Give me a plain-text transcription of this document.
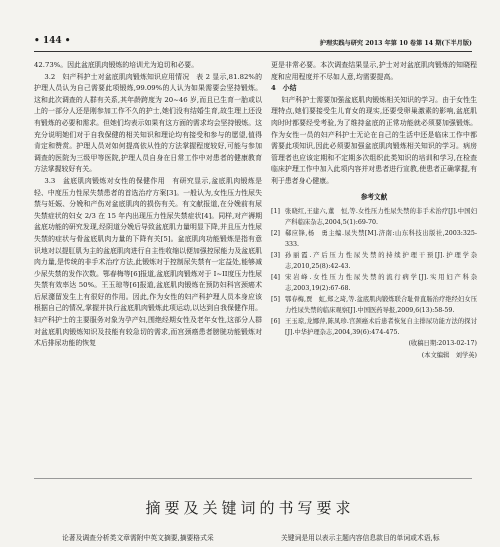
• 144 •	护理实践与研究 2013 年第 10 卷第 14 期(下半月版)

42.73%。因此盆底肌肉锻炼的培训尤为迫切和必要。

3.2　妇产科护士对盆底肌肉锻炼知识应用情况　表 2 显示,81.82%的护理人员认为自己需要此项锻炼,99.09%的人认为如果需要会坚持锻炼。这和此次调查的人群有关系,其年龄跨度为 20~46 岁,而且已生育一胎或以上的一部分人还是刚参加工作不久的护士,她们没有结婚生育,故生理上还没有锻炼的必要和需求。但她们均表示如果有这方面的需求均会坚持锻炼。这充分说明她们对于自我保健的相关知识和理论均有接受和参与的愿望,值得肯定和赞赏。护理人员对如何提高依从性的方法掌握程度较好,可能与参加调查的医院为三级甲等医院,护理人员自身在日常工作中对患者的健康教育方法掌握较好有关。

3.3　盆底肌肉锻炼对女性的保健作用　有研究显示,盆底肌肉锻炼是轻、中度压力性尿失禁患者的首选治疗方案[3]。一般认为,女性压力性尿失禁与妊娠、分娩和产伤对盆底肌肉的损伤有关。有文献报道,在分娩前有尿失禁症状的妇女 2/3 在 15 年内出现压力性尿失禁症状[4]。同样,对产褥期盆底功能的研究发现,经阴道分娩后导致盆底肌力量明显下降,并且压力性尿失禁的症状与骨盆底肌肉力量的下降有关[5]。盆底肌肉功能锻炼是指有意识地对以提肛肌为主的盆底肌肉进行自主性收缩以便加强控尿能力及盆底肌肉力量,是传统的非手术治疗方法,此锻炼对于控制尿失禁有一定益处,能够减少尿失禁的发作次数。鄂春梅等[6]报道,盆底肌肉锻炼对于 I~II度压力性尿失禁有效率达 50%。王玉琼等[6]报道,盆底肌肉锻炼在预防妇科宫颈癌术后尿潴留发生上有很好的作用。因此,作为女性的妇产科护理人员本身应该根据自己的情况,掌握并执行盆底肌肉锻炼此项运动,以达到自我保健作用。妇产科护士的主要服务对象为孕产妇,围绝经期女性及老年女性,这部分人群对盆底肌肉锻炼知识及技能有较急切的需求,而宫颈癌患者膀胱功能锻炼对术后排尿功能的恢复

更是非常必要。本次调查结果显示,护士对对盆底肌肉锻炼的知晓程度和应用程度并不尽如人意,均需要提高。

4　小结

妇产科护士需要加强盆底肌肉锻炼相关知识的学习。由于女性生理特点,她们要接受生儿育女的现实,还要受卵巢激素的影响,盆底肌肉时时都要经受考验,为了维持盆底的正常功能就必须要加强锻炼。作为女性一员的妇产科护士无论在自己的生活中还是临床工作中都需要此项知识,因此必须要加强盆底肌肉锻炼相关知识的学习。病房管理者也应该定期和不定期多次组织此类知识的培训和学习,在检查临床护理工作中加入此项内容并对患者进行宣教,使患者正确掌握,有利于患者身心健康。

参考文献
[1] 张晓红,王建六,董　恒,等.女性压力性尿失禁的非手术治疗[J].中国妇产科临床杂志,2004,5(1):69-70.
[2] 郗应锋,杨　勇主编.尿失禁[M].济南:山东科技出版社,2003:325-333.
[3] 孙丽霞.产后压力性尿失禁的持续护理干预[J].护理学杂志,2010,25(8):42-43.
[4] 宋岩峰.女性压力性尿失禁的流行病学[J].实用妇产科杂志,2003,19(2):67-68.
[5] 鄂春梅,贾　虹,郑之琦,等.盆底肌肉锻炼联合耻骨直肠治疗绝经妇女压力性尿失禁的临床观察[J].中国医药导报,2009,6(13):58-59.
[6] 王玉琼,龙娜萍,陈凤珍.宫颈癌术后患者恢复自主排尿功能方法的探讨[J].中华护理杂志,2004,39(6):474-475.
(收稿日期:2013-02-17)
(本文编辑　刘学英)
摘要及关键词的书写要求
论著及调查分析类文章需附中英文摘要,摘要格式采	关键词是用以表示主题内容信息款目的单词或术语,标
